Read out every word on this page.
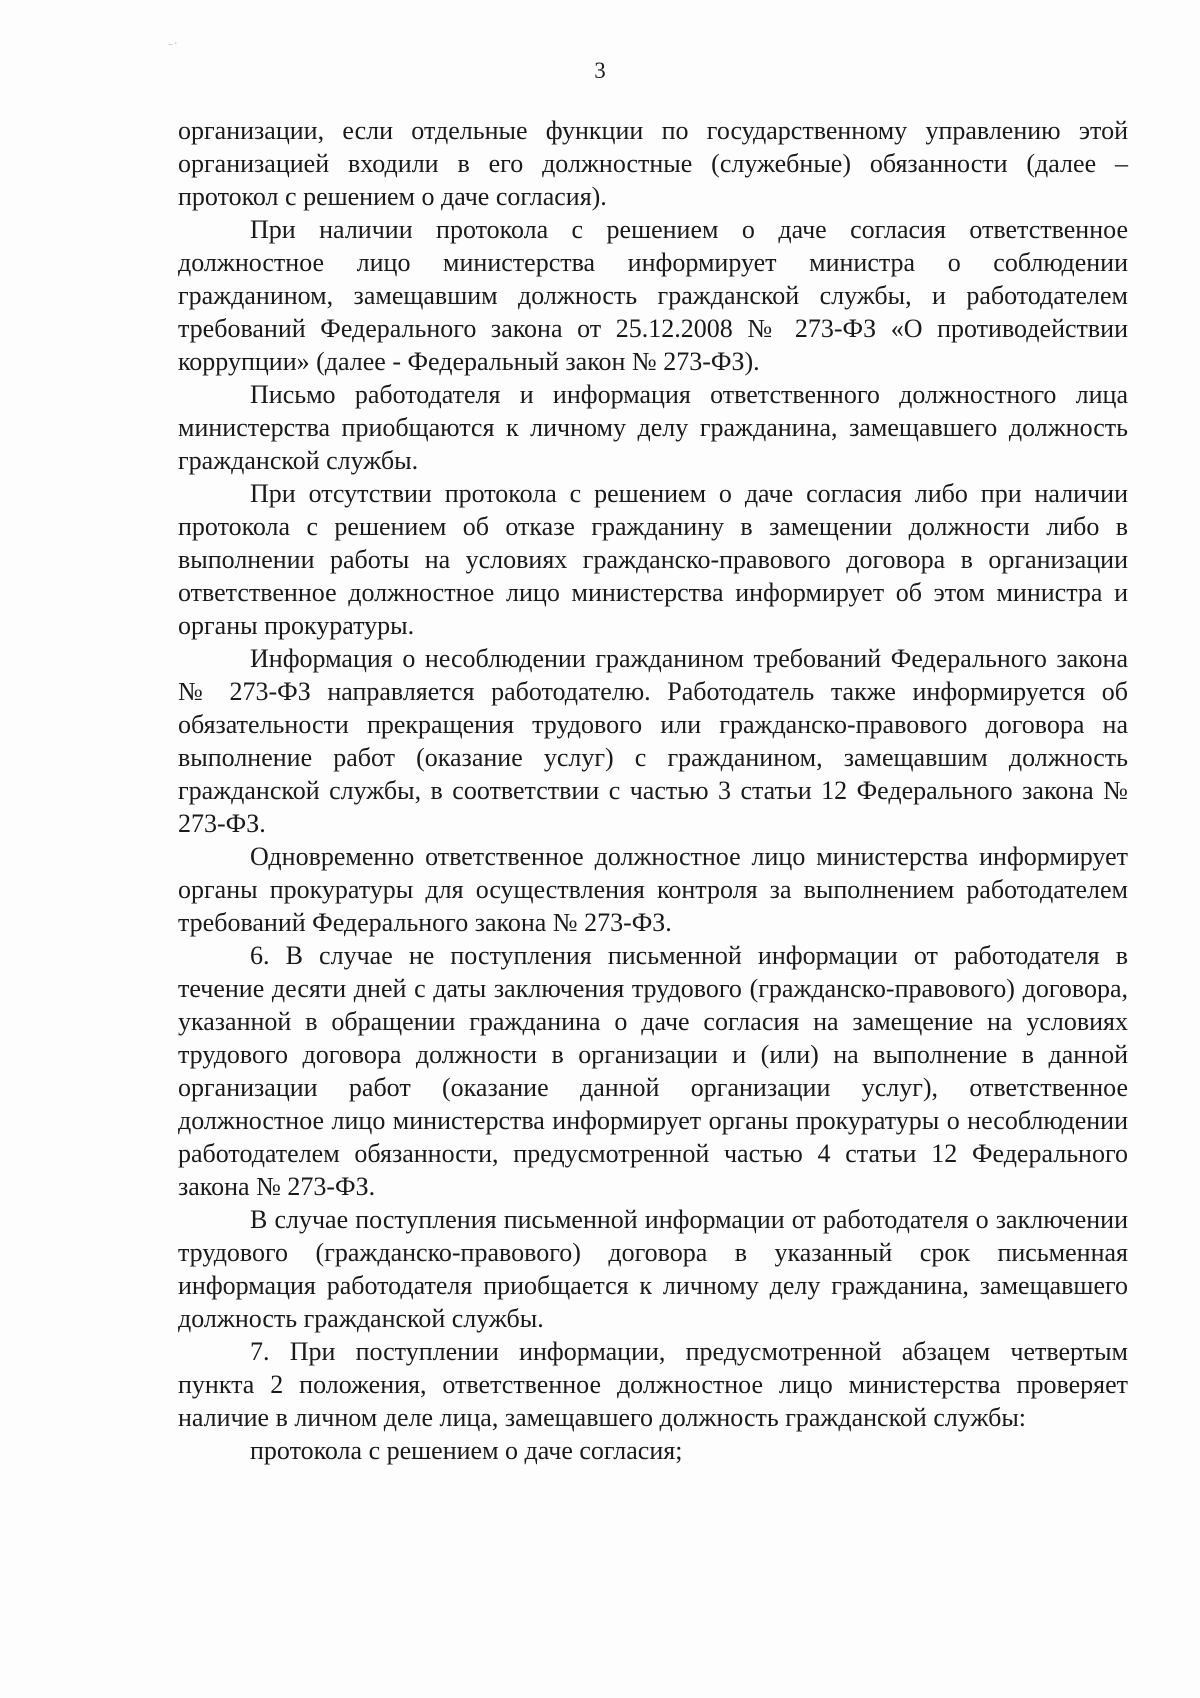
⁻˙
3

организации, если отдельные функции по государственному управлению этой организацией входили в его должностные (служебные) обязанности (далее – протокол с решением о даче согласия).

При наличии протокола с решением о даче согласия ответственное должностное лицо министерства информирует министра о соблюдении гражданином, замещавшим должность гражданской службы, и работодателем требований Федерального закона от 25.12.2008 № 273-ФЗ «О противодействии коррупции» (далее - Федеральный закон № 273-ФЗ).

Письмо работодателя и информация ответственного должностного лица министерства приобщаются к личному делу гражданина, замещавшего должность гражданской службы.

При отсутствии протокола с решением о даче согласия либо при наличии протокола с решением об отказе гражданину в замещении должности либо в выполнении работы на условиях гражданско-правового договора в организации ответственное должностное лицо министерства информирует об этом министра и органы прокуратуры.

Информация о несоблюдении гражданином требований Федерального закона № 273-ФЗ направляется работодателю. Работодатель также информируется об обязательности прекращения трудового или гражданско-правового договора на выполнение работ (оказание услуг) с гражданином, замещавшим должность гражданской службы, в соответствии с частью 3 статьи 12 Федерального закона № 273-ФЗ.

Одновременно ответственное должностное лицо министерства информирует органы прокуратуры для осуществления контроля за выполнением работодателем требований Федерального закона № 273-ФЗ.

6. В случае не поступления письменной информации от работодателя в течение десяти дней с даты заключения трудового (гражданско-правового) договора, указанной в обращении гражданина о даче согласия на замещение на условиях трудового договора должности в организации и (или) на выполнение в данной организации работ (оказание данной организации услуг), ответственное должностное лицо министерства информирует органы прокуратуры о несоблюдении работодателем обязанности, предусмотренной частью 4 статьи 12 Федерального закона № 273-ФЗ.

В случае поступления письменной информации от работодателя о заключении трудового (гражданско-правового) договора в указанный срок письменная информация работодателя приобщается к личному делу гражданина, замещавшего должность гражданской службы.

7. При поступлении информации, предусмотренной абзацем четвертым пункта 2 положения, ответственное должностное лицо министерства проверяет наличие в личном деле лица, замещавшего должность гражданской службы:

протокола с решением о даче согласия;
